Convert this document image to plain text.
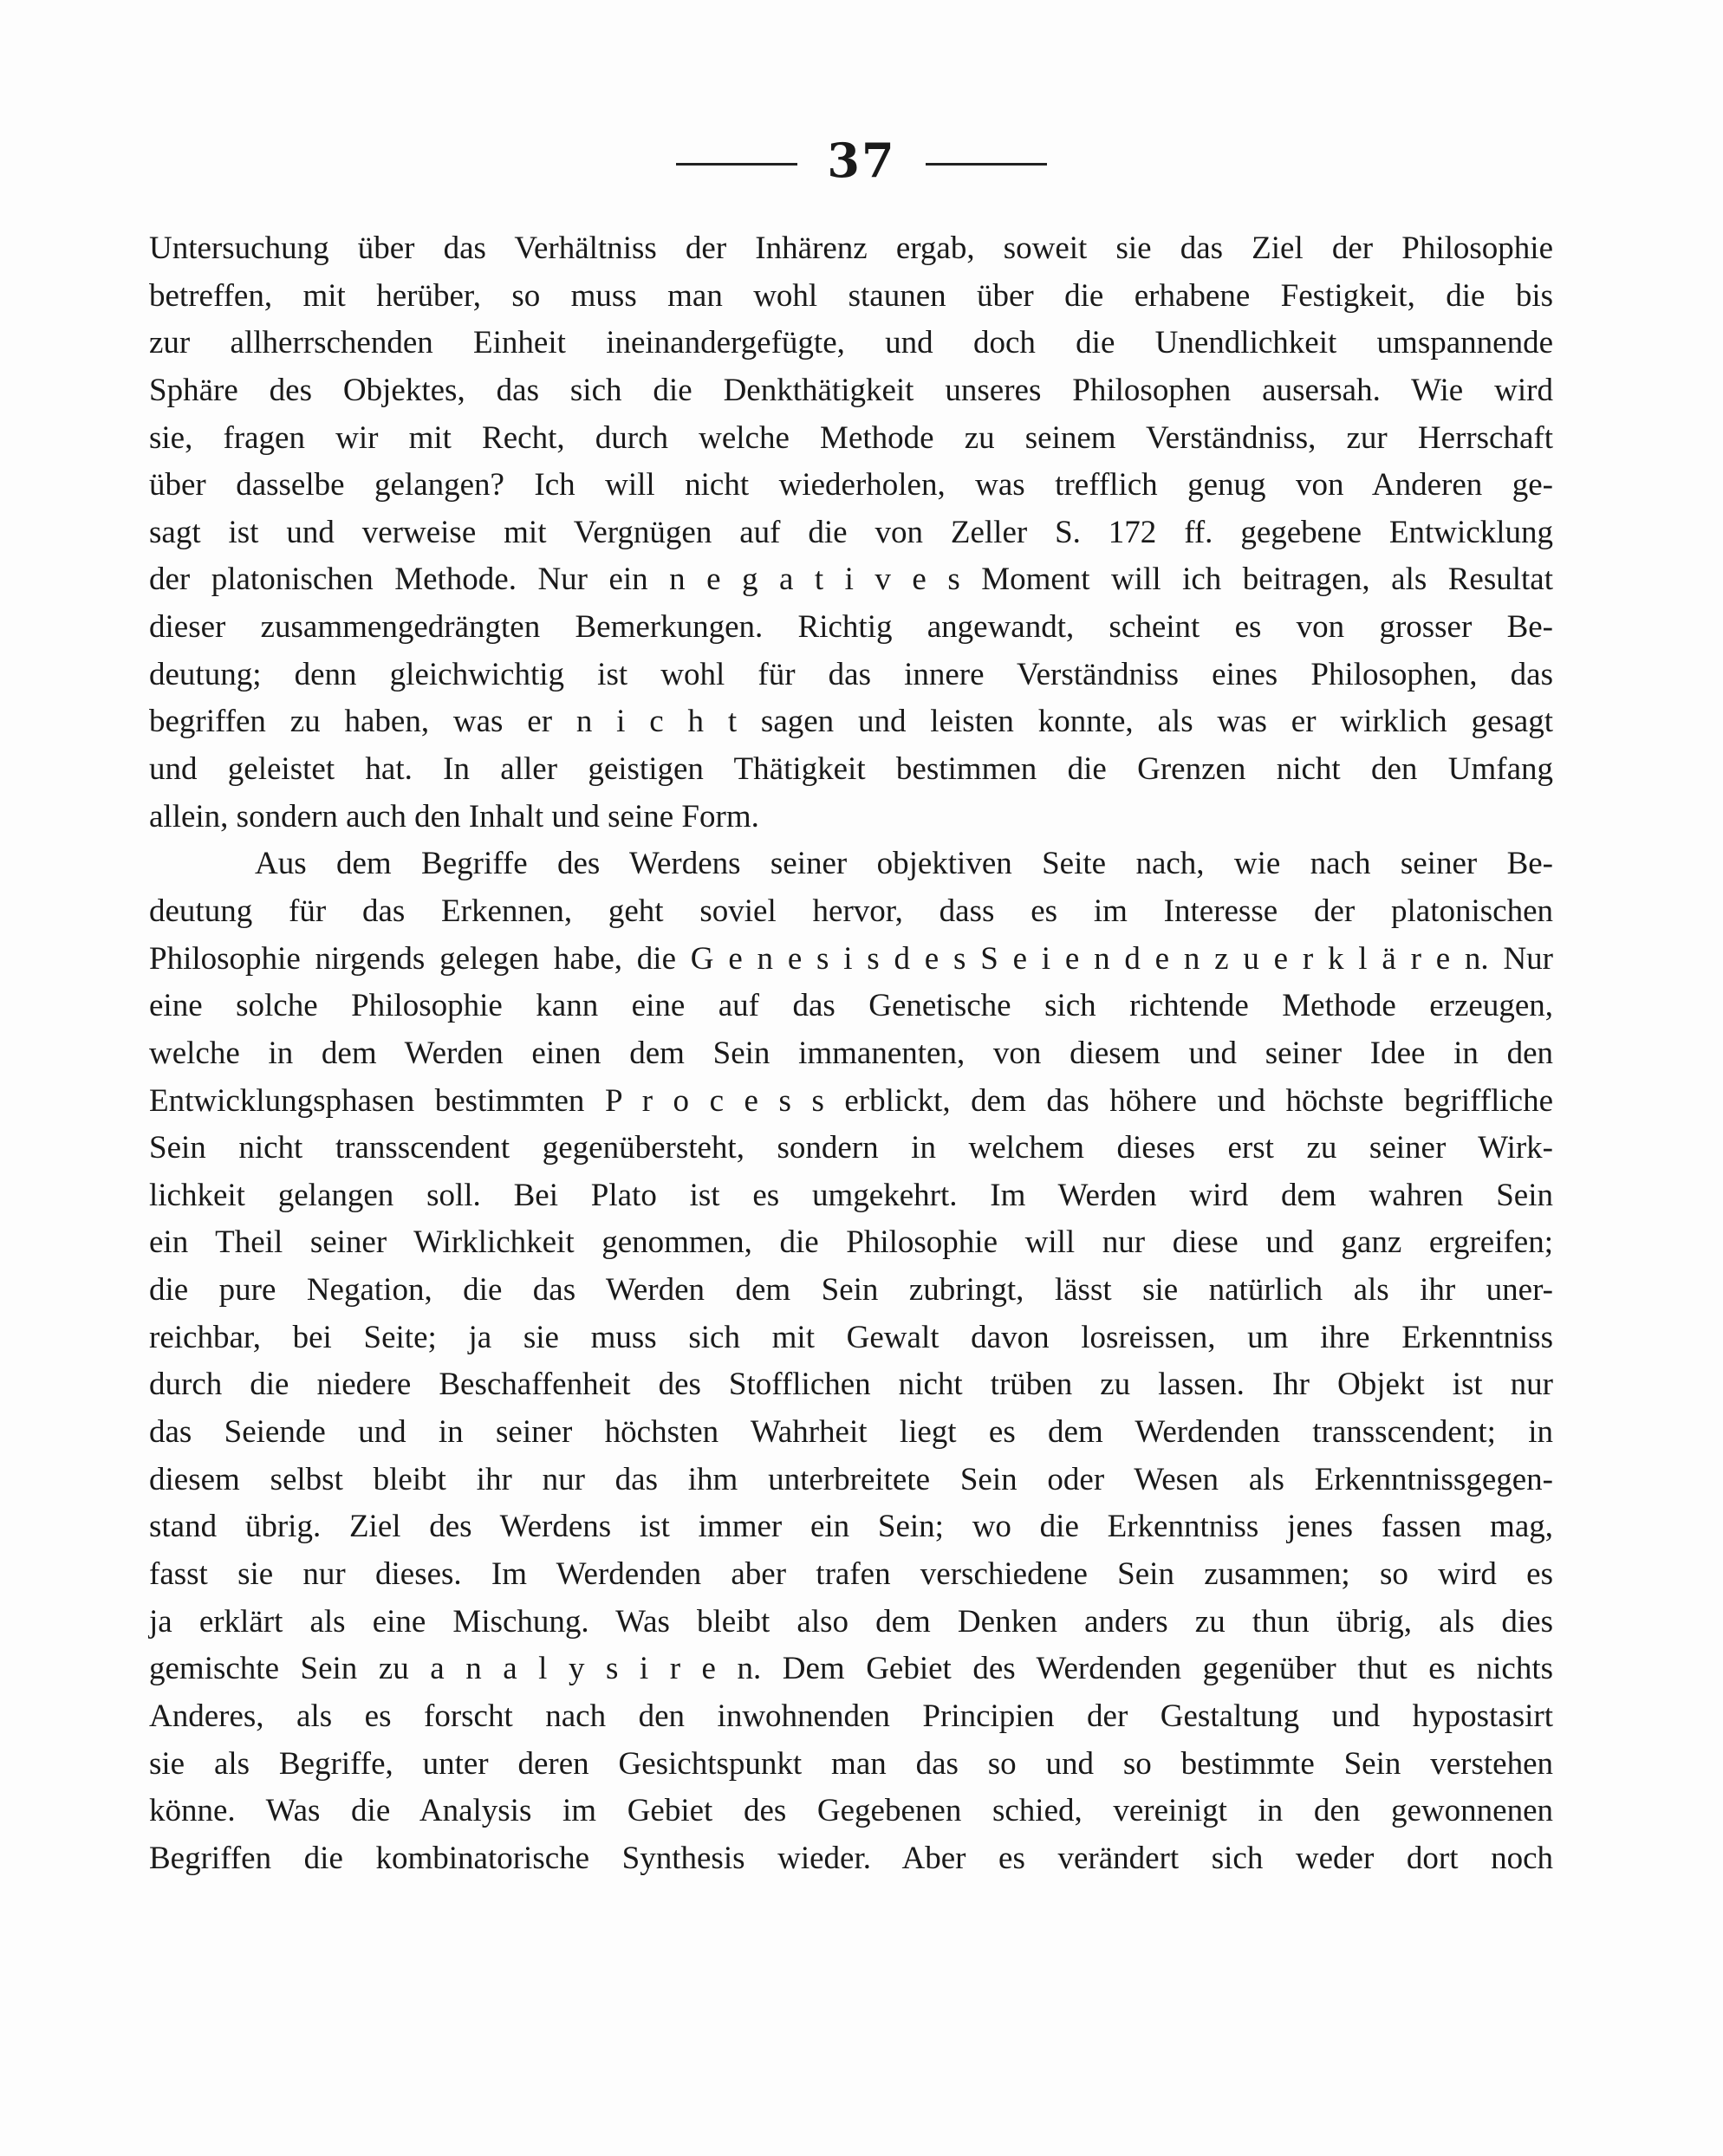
37
Untersuchung über das Verhältniss der Inhärenz ergab, soweit sie das Ziel der Philosophie
betreffen, mit herüber, so muss man wohl staunen über die erhabene Festigkeit, die bis
zur allherrschenden Einheit ineinandergefügte, und doch die Unendlichkeit umspannende
Sphäre des Objektes, das sich die Denkthätigkeit unseres Philosophen ausersah. Wie wird
sie, fragen wir mit Recht, durch welche Methode zu seinem Verständniss, zur Herrschaft
über dasselbe gelangen? Ich will nicht wiederholen, was trefflich genug von Anderen ge-
sagt ist und verweise mit Vergnügen auf die von Zeller S. 172 ff. gegebene Entwicklung
der platonischen Methode. Nur ein n e g a t i v e s Moment will ich beitragen, als Resultat
dieser zusammengedrängten Bemerkungen. Richtig angewandt, scheint es von grosser Be-
deutung; denn gleichwichtig ist wohl für das innere Verständniss eines Philosophen, das
begriffen zu haben, was er n i c h t sagen und leisten konnte, als was er wirklich gesagt
und geleistet hat. In aller geistigen Thätigkeit bestimmen die Grenzen nicht den Umfang
allein, sondern auch den Inhalt und seine Form.
Aus dem Begriffe des Werdens seiner objektiven Seite nach, wie nach seiner Be-
deutung für das Erkennen, geht soviel hervor, dass es im Interesse der platonischen
Philosophie nirgends gelegen habe, die G e n e s i s d e s S e i e n d e n z u e r k l ä r e n. Nur
eine solche Philosophie kann eine auf das Genetische sich richtende Methode erzeugen,
welche in dem Werden einen dem Sein immanenten, von diesem und seiner Idee in den
Entwicklungsphasen bestimmten P r o c e s s erblickt, dem das höhere und höchste begriffliche
Sein nicht transscendent gegenübersteht, sondern in welchem dieses erst zu seiner Wirk-
lichkeit gelangen soll. Bei Plato ist es umgekehrt. Im Werden wird dem wahren Sein
ein Theil seiner Wirklichkeit genommen, die Philosophie will nur diese und ganz ergreifen;
die pure Negation, die das Werden dem Sein zubringt, lässt sie natürlich als ihr uner-
reichbar, bei Seite; ja sie muss sich mit Gewalt davon losreissen, um ihre Erkenntniss
durch die niedere Beschaffenheit des Stofflichen nicht trüben zu lassen. Ihr Objekt ist nur
das Seiende und in seiner höchsten Wahrheit liegt es dem Werdenden transscendent; in
diesem selbst bleibt ihr nur das ihm unterbreitete Sein oder Wesen als Erkenntnissgegen-
stand übrig. Ziel des Werdens ist immer ein Sein; wo die Erkenntniss jenes fassen mag,
fasst sie nur dieses. Im Werdenden aber trafen verschiedene Sein zusammen; so wird es
ja erklärt als eine Mischung. Was bleibt also dem Denken anders zu thun übrig, als dies
gemischte Sein zu a n a l y s i r e n. Dem Gebiet des Werdenden gegenüber thut es nichts
Anderes, als es forscht nach den inwohnenden Principien der Gestaltung und hypostasirt
sie als Begriffe, unter deren Gesichtspunkt man das so und so bestimmte Sein verstehen
könne. Was die Analysis im Gebiet des Gegebenen schied, vereinigt in den gewonnenen
Begriffen die kombinatorische Synthesis wieder. Aber es verändert sich weder dort noch
